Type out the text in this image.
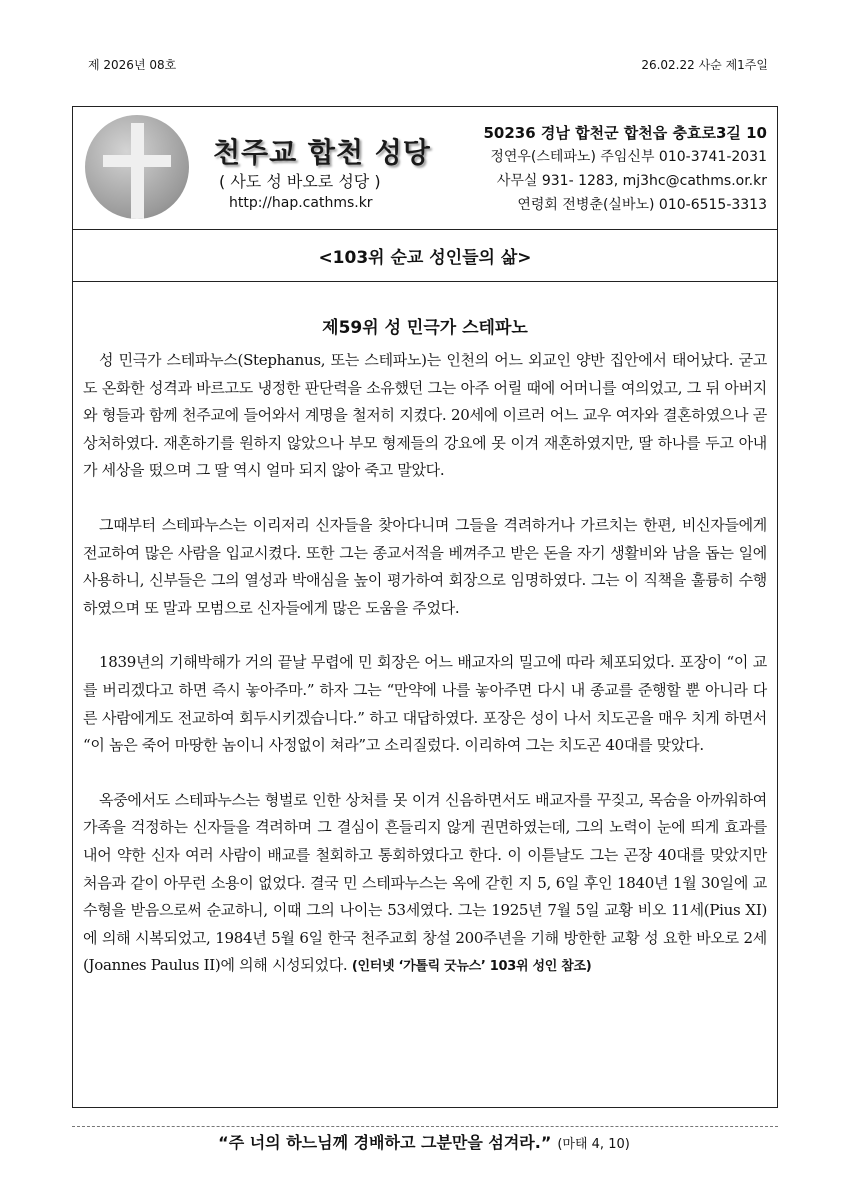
제 2026년 08호	26.02.22 사순 제1주일
천주교 합천 성당
( 사도 성 바오로 성당 )
http://hap.cathms.kr
50236 경남 합천군 합천읍 충효로3길 10
정연우(스테파노) 주임신부 010-3741-2031
사무실 931- 1283, mj3hc@cathms.or.kr
연령회 전병춘(실바노) 010-6515-3313
<103위 순교 성인들의 삶>
제59위 성 민극가 스테파노

성 민극가 스테파누스(Stephanus, 또는 스테파노)는 인천의 어느 외교인 양반 집안에서 태어났다. 굳고도 온화한 성격과 바르고도 냉정한 판단력을 소유했던 그는 아주 어릴 때에 어머니를 여의었고, 그 뒤 아버지와 형들과 함께 천주교에 들어와서 계명을 철저히 지켰다. 20세에 이르러 어느 교우 여자와 결혼하였으나 곧 상처하였다. 재혼하기를 원하지 않았으나 부모 형제들의 강요에 못 이겨 재혼하였지만, 딸 하나를 두고 아내가 세상을 떴으며 그 딸 역시 얼마 되지 않아 죽고 말았다.

그때부터 스테파누스는 이리저리 신자들을 찾아다니며 그들을 격려하거나 가르치는 한편, 비신자들에게 전교하여 많은 사람을 입교시켰다. 또한 그는 종교서적을 베껴주고 받은 돈을 자기 생활비와 남을 돕는 일에 사용하니, 신부들은 그의 열성과 박애심을 높이 평가하여 회장으로 임명하였다. 그는 이 직책을 훌륭히 수행하였으며 또 말과 모범으로 신자들에게 많은 도움을 주었다.

1839년의 기해박해가 거의 끝날 무렵에 민 회장은 어느 배교자의 밀고에 따라 체포되었다. 포장이 “이 교를 버리겠다고 하면 즉시 놓아주마.” 하자 그는 “만약에 나를 놓아주면 다시 내 종교를 준행할 뿐 아니라 다른 사람에게도 전교하여 회두시키겠습니다.” 하고 대답하였다. 포장은 성이 나서 치도곤을 매우 치게 하면서 “이 놈은 죽어 마땅한 놈이니 사정없이 쳐라”고 소리질렀다. 이리하여 그는 치도곤 40대를 맞았다.

옥중에서도 스테파누스는 형벌로 인한 상처를 못 이겨 신음하면서도 배교자를 꾸짖고, 목숨을 아까워하여 가족을 걱정하는 신자들을 격려하며 그 결심이 흔들리지 않게 권면하였는데, 그의 노력이 눈에 띄게 효과를 내어 약한 신자 여러 사람이 배교를 철회하고 통회하였다고 한다. 이 이튿날도 그는 곤장 40대를 맞았지만 처음과 같이 아무런 소용이 없었다. 결국 민 스테파누스는 옥에 갇힌 지 5, 6일 후인 1840년 1월 30일에 교수형을 받음으로써 순교하니, 이때 그의 나이는 53세였다. 그는 1925년 7월 5일 교황 비오 11세(Pius XI)에 의해 시복되었고, 1984년 5월 6일 한국 천주교회 창설 200주년을 기해 방한한 교황 성 요한 바오로 2세(Joannes Paulus II)에 의해 시성되었다. (인터넷 ‘가톨릭 굿뉴스’ 103위 성인 참조)

“주 너의 하느님께 경배하고 그분만을 섬겨라.” (마태 4, 10)
